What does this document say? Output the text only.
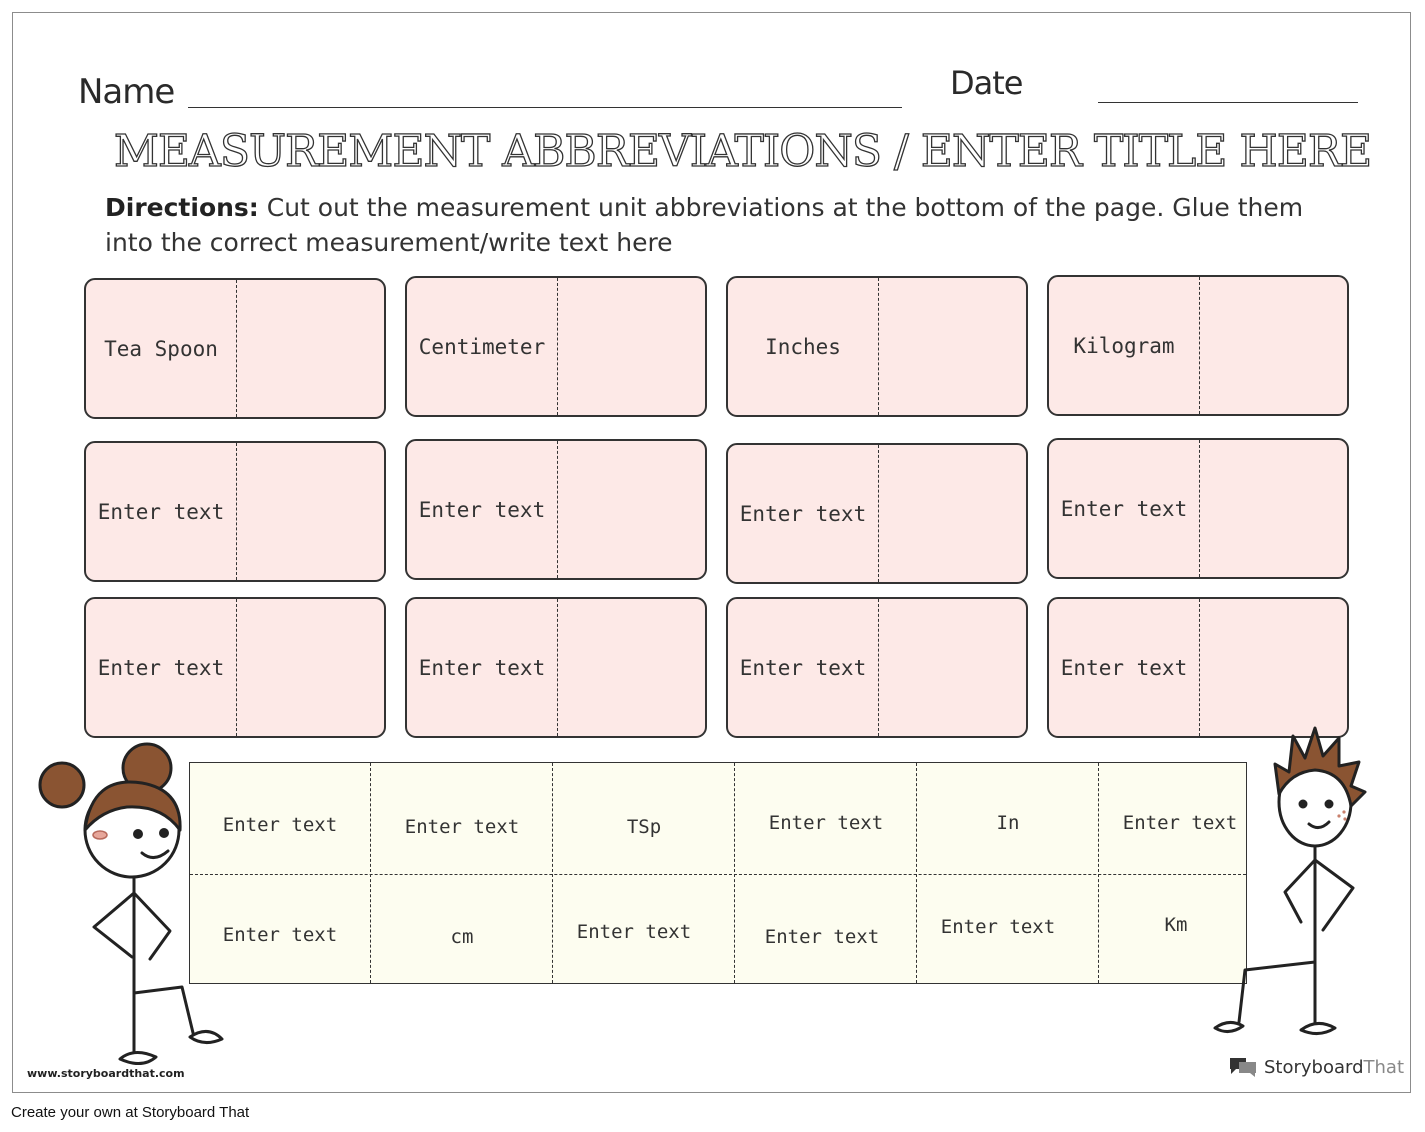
Name	Date
MEASUREMENT ABBREVIATIONS / ENTER TITLE HERE
Directions: Cut out the measurement unit abbreviations at the bottom of the page. Glue them into the correct measurement/write text here
Tea Spoon	Centimeter	Inches	Kilogram
Enter text	Enter text	Enter text	Enter text
Enter text	Enter text	Enter text	Enter text
Enter text	Enter text	TSp	Enter text	In	Enter text
Enter text	cm	Enter text	Enter text	Enter text	Km
www.storyboardthat.com	StoryboardThat
Create your own at Storyboard That
